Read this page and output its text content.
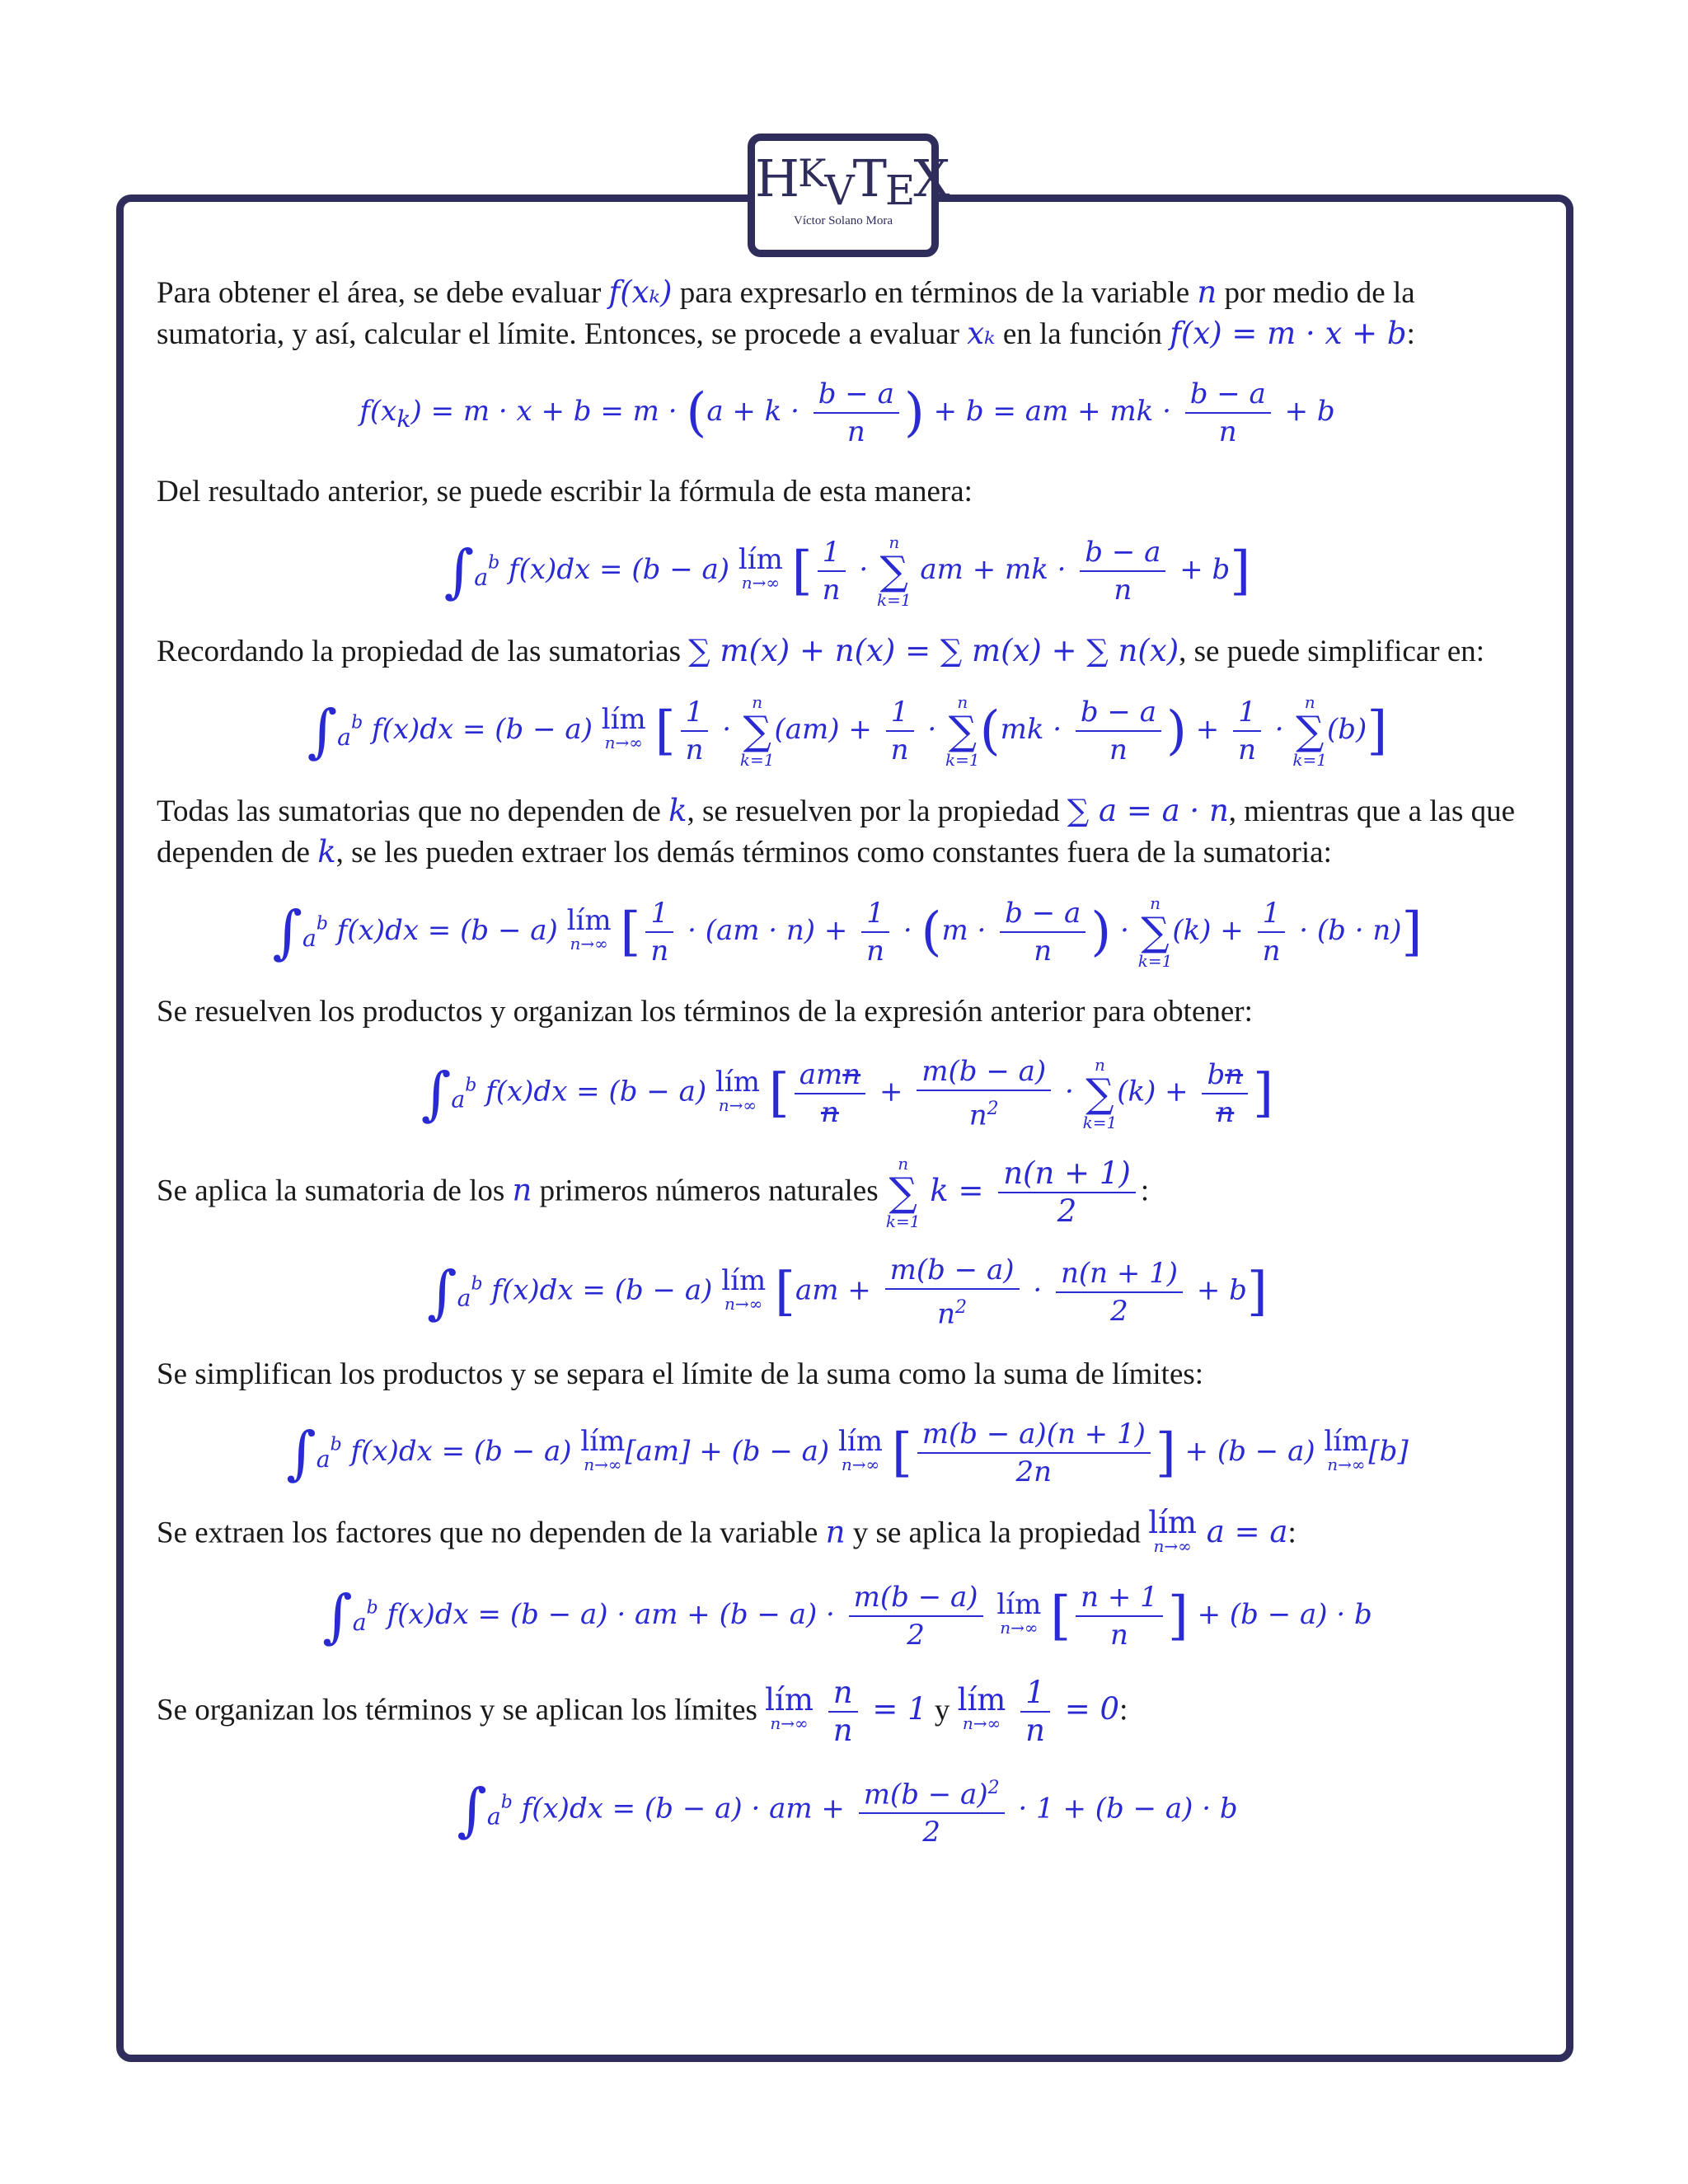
HKVTEX
Víctor Solano Mora

Para obtener el área, se debe evaluar f(xₖ) para expresarlo en términos de la variable n por medio de la sumatoria, y así, calcular el límite. Entonces, se procede a evaluar xₖ en la función f(x) = m · x + b:

$f(x_k) = m \cdot x + b = m \cdot (a + k \cdot \frac{b - a}{n}$ ) + b = am + mk · $\frac{b - a}{n} + b$

Del resultado anterior, se puede escribir la fórmula de esta manera:

$\int_a^b$ f(x)dx = (b − a) lím
n→∞ [ $\frac{1}{n}$ ·
n
∑
k=1
am + mk · $\frac{b - a}{n} + b$]

Recordando la propiedad de las sumatorias ∑ m(x) + n(x) = ∑ m(x) + ∑ n(x), se puede simplificar en:

$\int_a^b$ f(x)dx = (b − a) lím
n→∞ [ $\frac{1}{n}$ ·
n
∑
k=1
$(am) + \frac{1}{n}$ ·
n
∑
k=1 ($mk \cdot \frac{b - a}{n}$ ) + $\frac{1}{n}$ ·
n
∑
k=1
(b)]

Todas las sumatorias que no dependen de k, se resuelven por la propiedad ∑ a = a · n, mientras que a las que dependen de k, se les pueden extraer los demás términos como constantes fuera de la sumatoria:

$\int_a^b$ f(x)dx = (b − a) lím
n→∞ [ $\frac{1}{n} \cdot (am \cdot n) + \frac{1}{n} \cdot (m \cdot \frac{b - a}{n}$ ) ·
n
∑
k=1
$(k) + \frac{1}{n} \cdot (b \cdot n)$]

Se resuelven los productos y organizan los términos de la expresión anterior para obtener:

$\int_a^b$ f(x)dx = (b − a) lím
n→∞ [ $\frac{\text{amn}}{n} + \frac{m(b - a)}{n^2}$ ·
n
∑
k=1
$(k) + \frac{bn}{n}$ ]

Se aplica la sumatoria de los n primeros números naturales
n
∑
k=1
$k = \frac{n(n + 1)}{2}$ :

$\int_a^b$ f(x)dx = (b − a) lím
n→∞ $[am + \frac{m(b - a)}{n^2} \cdot \frac{n(n + 1)}{2} + b]$

Se simplifican los productos y se separa el límite de la suma como la suma de límites:

$\int_a^b$ f(x)dx = (b − a) lím
n→∞ [am] + (b − a) lím
n→∞ [ $\frac{m(b - a)(n + 1)}{2n}$ ] + (b − a) lím
n→∞ [b]

Se extraen los factores que no dependen de la variable n y se aplica la propiedad lím
n→∞ a = a:

$\int_a^b$ f(x)dx = (b − a) · am + $(b - a) \cdot \frac{m(b - a)}{2}$ lím
n→∞ [ $\frac{n + 1}{n}$ ] + (b − a) · b

Se organizan los términos y se aplican los límites lím
n→∞
$\frac{n}{n} = 1$ y lím
n→∞
$\frac{1}{n} = 0$:

$\int_a^b$ f(x)dx = (b − a) · am + $\frac{m(b - a)^2}{2} \cdot 1 + (b - a) \cdot b$
